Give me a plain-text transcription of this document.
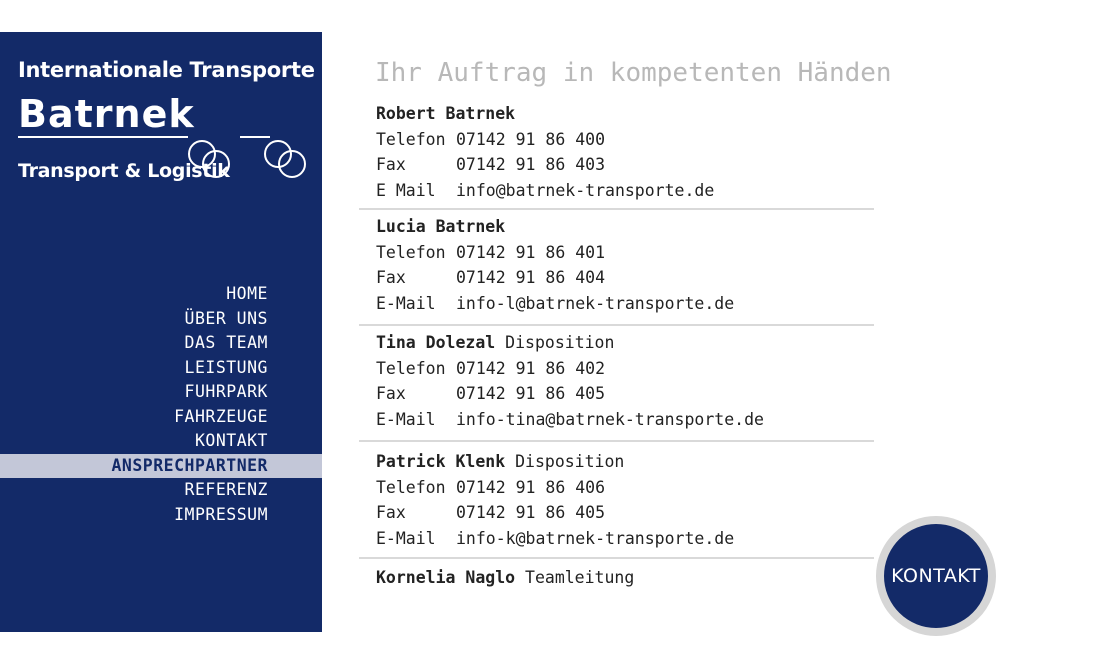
Internationale Transporte
Batrnek
Transport & Logistik
HOME
ÜBER UNS
DAS TEAM
LEISTUNG
FUHRPARK
FAHRZEUGE
KONTAKT
ANSPRECHPARTNER
REFERENZ
IMPRESSUM
Ihr Auftrag in kompetenten Händen
Robert Batrnek
Telefon 07142 91 86 400
Fax	07142 91 86 403
E Mail info@batrnek-transporte.de
Lucia Batrnek
Telefon 07142 91 86 401
Fax	07142 91 86 404
E-Mail info-l@batrnek-transporte.de
Tina Dolezal Disposition
Telefon 07142 91 86 402
Fax	07142 91 86 405
E-Mail info-tina@batrnek-transporte.de
Patrick Klenk Disposition
Telefon 07142 91 86 406
Fax	07142 91 86 405
E-Mail info-k@batrnek-transporte.de
Kornelia Naglo Teamleitung	KONTAKT
